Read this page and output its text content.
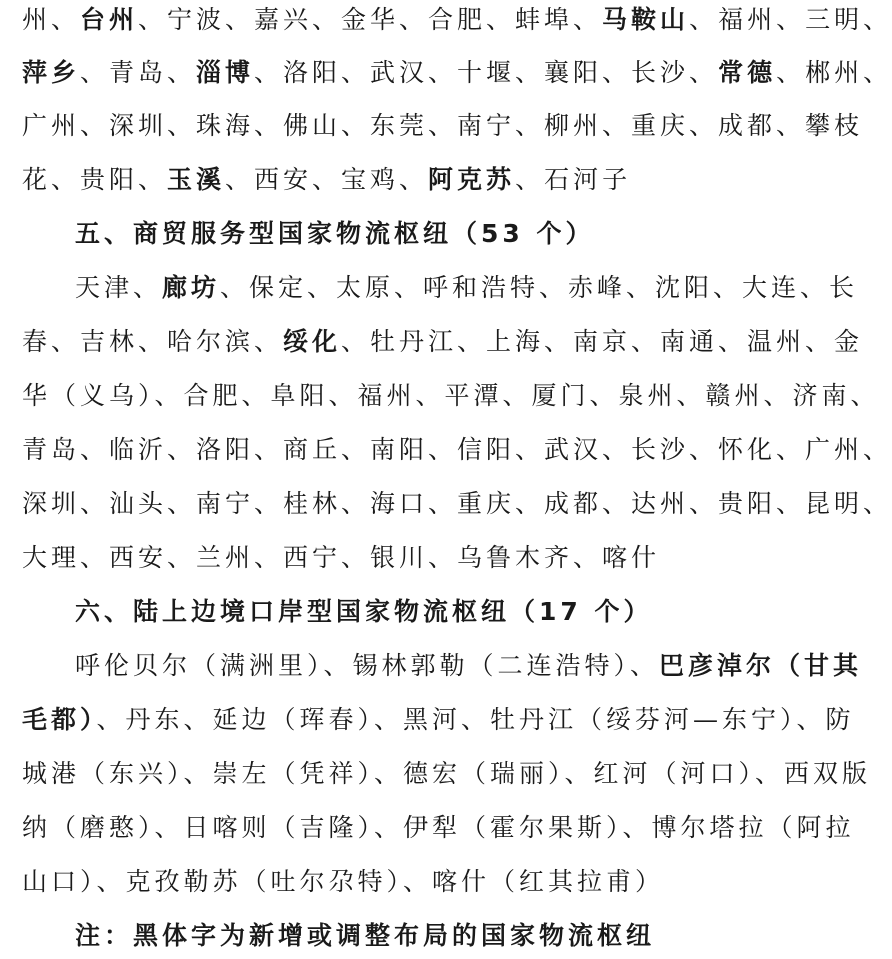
州、台州、宁波、嘉兴、金华、合肥、蚌埠、马鞍山、福州、三明、
萍乡、青岛、淄博、洛阳、武汉、十堰、襄阳、长沙、常德、郴州、
广州、深圳、珠海、佛山、东莞、南宁、柳州、重庆、成都、攀枝
花、贵阳、玉溪、西安、宝鸡、阿克苏、石河子
五、商贸服务型国家物流枢纽（53 个）
天津、廊坊、保定、太原、呼和浩特、赤峰、沈阳、大连、长
春、吉林、哈尔滨、绥化、牡丹江、上海、南京、南通、温州、金
华（义乌）、合肥、阜阳、福州、平潭、厦门、泉州、赣州、济南、
青岛、临沂、洛阳、商丘、南阳、信阳、武汉、长沙、怀化、广州、
深圳、汕头、南宁、桂林、海口、重庆、成都、达州、贵阳、昆明、
大理、西安、兰州、西宁、银川、乌鲁木齐、喀什
六、陆上边境口岸型国家物流枢纽（17 个）
呼伦贝尔（满洲里）、锡林郭勒（二连浩特）、巴彦淖尔（甘其
毛都）、丹东、延边（珲春）、黑河、牡丹江（绥芬河—东宁）、防
城港（东兴）、崇左（凭祥）、德宏（瑞丽）、红河（河口）、西双版
纳（磨憨）、日喀则（吉隆）、伊犁（霍尔果斯）、博尔塔拉（阿拉
山口）、克孜勒苏（吐尔尕特）、喀什（红其拉甫）
注：黑体字为新增或调整布局的国家物流枢纽
